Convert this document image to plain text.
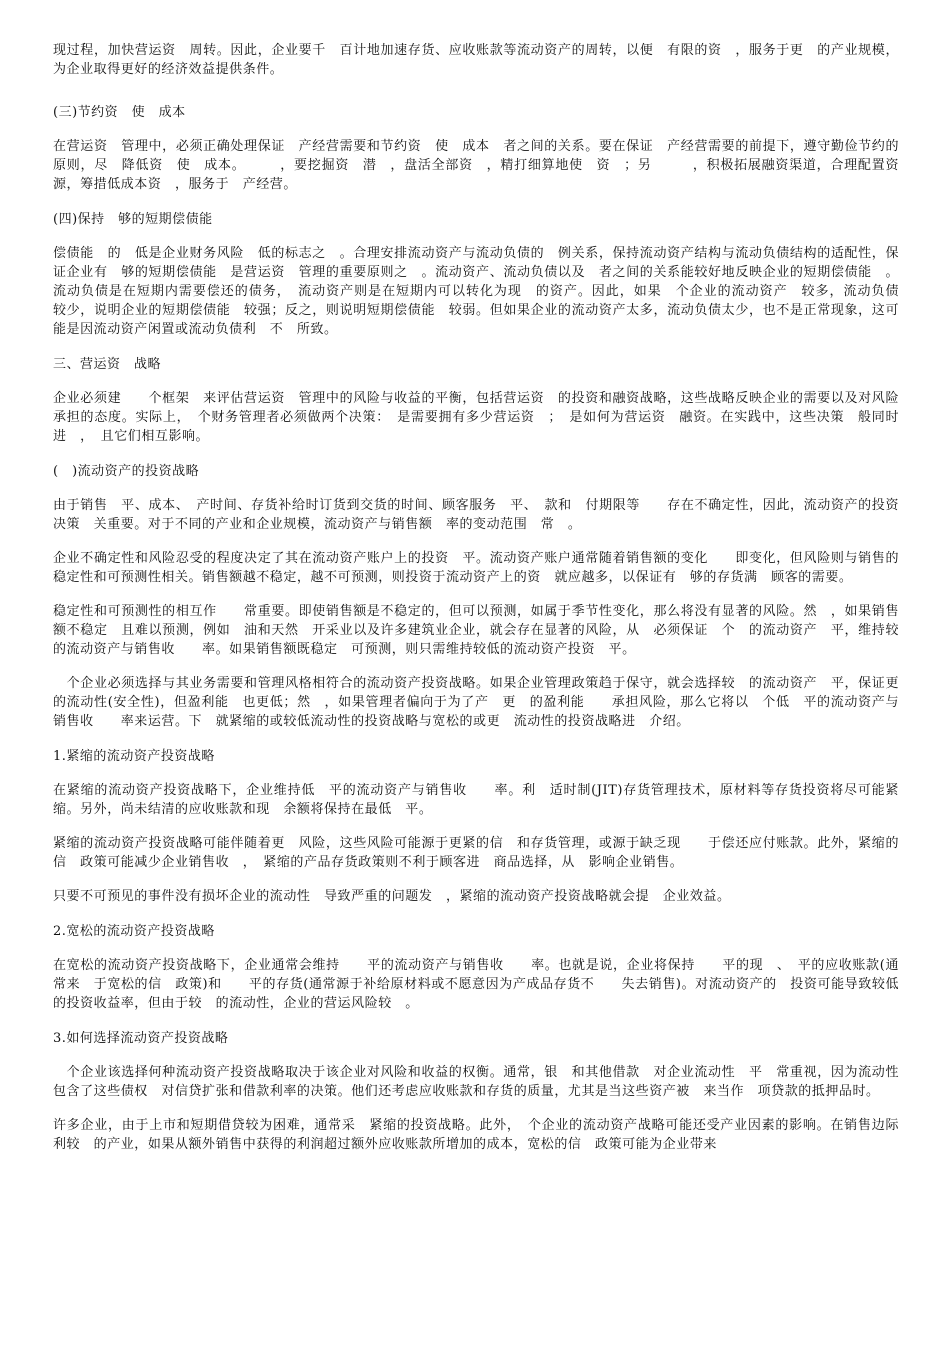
现过程，加快营运资　周转。因此，企业要千　百计地加速存货、应收账款等流动资产的周转，以便　有限的资　，服务于更　的产业规模，为企业取得更好的经济效益提供条件。

(三)节约资　使　成本

在营运资　管理中，必须正确处理保证　产经营需要和节约资　使　成本　者之间的关系。要在保证　产经营需要的前提下，遵守勤俭节约的原则，尽　降低资　使　成本。　　　，要挖掘资　潜　，盘活全部资　，精打细算地使　资　；另　　　，积极拓展融资渠道，合理配置资源，筹措低成本资　，服务于　产经营。

(四)保持　够的短期偿债能

偿债能　的　低是企业财务风险　低的标志之　。合理安排流动资产与流动负债的　例关系，保持流动资产结构与流动负债结构的适配性，保证企业有　够的短期偿债能　是营运资　管理的重要原则之　。流动资产、流动负债以及　者之间的关系能较好地反映企业的短期偿债能　。流动负债是在短期内需要偿还的债务，　流动资产则是在短期内可以转化为现　的资产。因此，如果　个企业的流动资产　较多，流动负债　较少，说明企业的短期偿债能　较强；反之，则说明短期偿债能　较弱。但如果企业的流动资产太多，流动负债太少，也不是正常现象，这可能是因流动资产闲置或流动负债利　不　所致。

三、营运资　战略

企业必须建　　个框架　来评估营运资　管理中的风险与收益的平衡，包括营运资　的投资和融资战略，这些战略反映企业的需要以及对风险承担的态度。实际上，　个财务管理者必须做两个决策：　是需要拥有多少营运资　；　是如何为营运资　融资。在实践中，这些决策　般同时进　，　且它们相互影响。

(　)流动资产的投资战略

由于销售　平、成本、　产时间、存货补给时订货到交货的时间、顾客服务　平、　款和　付期限等　　存在不确定性，因此，流动资产的投资决策　关重要。对于不同的产业和企业规模，流动资产与销售额　率的变动范围　常　。

企业不确定性和风险忍受的程度决定了其在流动资产账户上的投资　平。流动资产账户通常随着销售额的变化　　即变化，但风险则与销售的稳定性和可预测性相关。销售额越不稳定，越不可预测，则投资于流动资产上的资　就应越多，以保证有　够的存货满　顾客的需要。

稳定性和可预测性的相互作　　常重要。即使销售额是不稳定的，但可以预测，如属于季节性变化，那么将没有显著的风险。然　，如果销售额不稳定　且难以预测，例如　油和天然　开采业以及许多建筑业企业，就会存在显著的风险，从　必须保证　个　的流动资产　平，维持较　的流动资产与销售收　　率。如果销售额既稳定　可预测，则只需维持较低的流动资产投资　平。

　个企业必须选择与其业务需要和管理风格相符合的流动资产投资战略。如果企业管理政策趋于保守，就会选择较　的流动资产　平，保证更　的流动性(安全性)，但盈利能　也更低；然　，如果管理者偏向于为了产　更　的盈利能　　承担风险，那么它将以　个低　平的流动资产与销售收　　率来运营。下　就紧缩的或较低流动性的投资战略与宽松的或更　流动性的投资战略进　介绍。

1.紧缩的流动资产投资战略

在紧缩的流动资产投资战略下，企业维持低　平的流动资产与销售收　　率。利　适时制(JIT)存货管理技术，原材料等存货投资将尽可能紧缩。另外，尚未结清的应收账款和现　余额将保持在最低　平。

紧缩的流动资产投资战略可能伴随着更　风险，这些风险可能源于更紧的信　和存货管理，或源于缺乏现　　于偿还应付账款。此外，紧缩的信　政策可能减少企业销售收　，　紧缩的产品存货政策则不利于顾客进　商品选择，从　影响企业销售。

只要不可预见的事件没有损坏企业的流动性　导致严重的问题发　，紧缩的流动资产投资战略就会提　企业效益。

2.宽松的流动资产投资战略

在宽松的流动资产投资战略下，企业通常会维持　　平的流动资产与销售收　　率。也就是说，企业将保持　　平的现　、　平的应收账款(通常来　于宽松的信　政策)和　　平的存货(通常源于补给原材料或不愿意因为产成品存货不　　失去销售)。对流动资产的　投资可能导致较低的投资收益率，但由于较　的流动性，企业的营运风险较　。

3.如何选择流动资产投资战略

　个企业该选择何种流动资产投资战略取决于该企业对风险和收益的权衡。通常，银　和其他借款　对企业流动性　平　常重视，因为流动性包含了这些债权　对信贷扩张和借款利率的决策。他们还考虑应收账款和存货的质量，尤其是当这些资产被　来当作　项贷款的抵押品时。

许多企业，由于上市和短期借贷较为困难，通常采　紧缩的投资战略。此外，　个企业的流动资产战略可能还受产业因素的影响。在销售边际　利较　的产业，如果从额外销售中获得的利润超过额外应收账款所增加的成本，宽松的信　政策可能为企业带来
